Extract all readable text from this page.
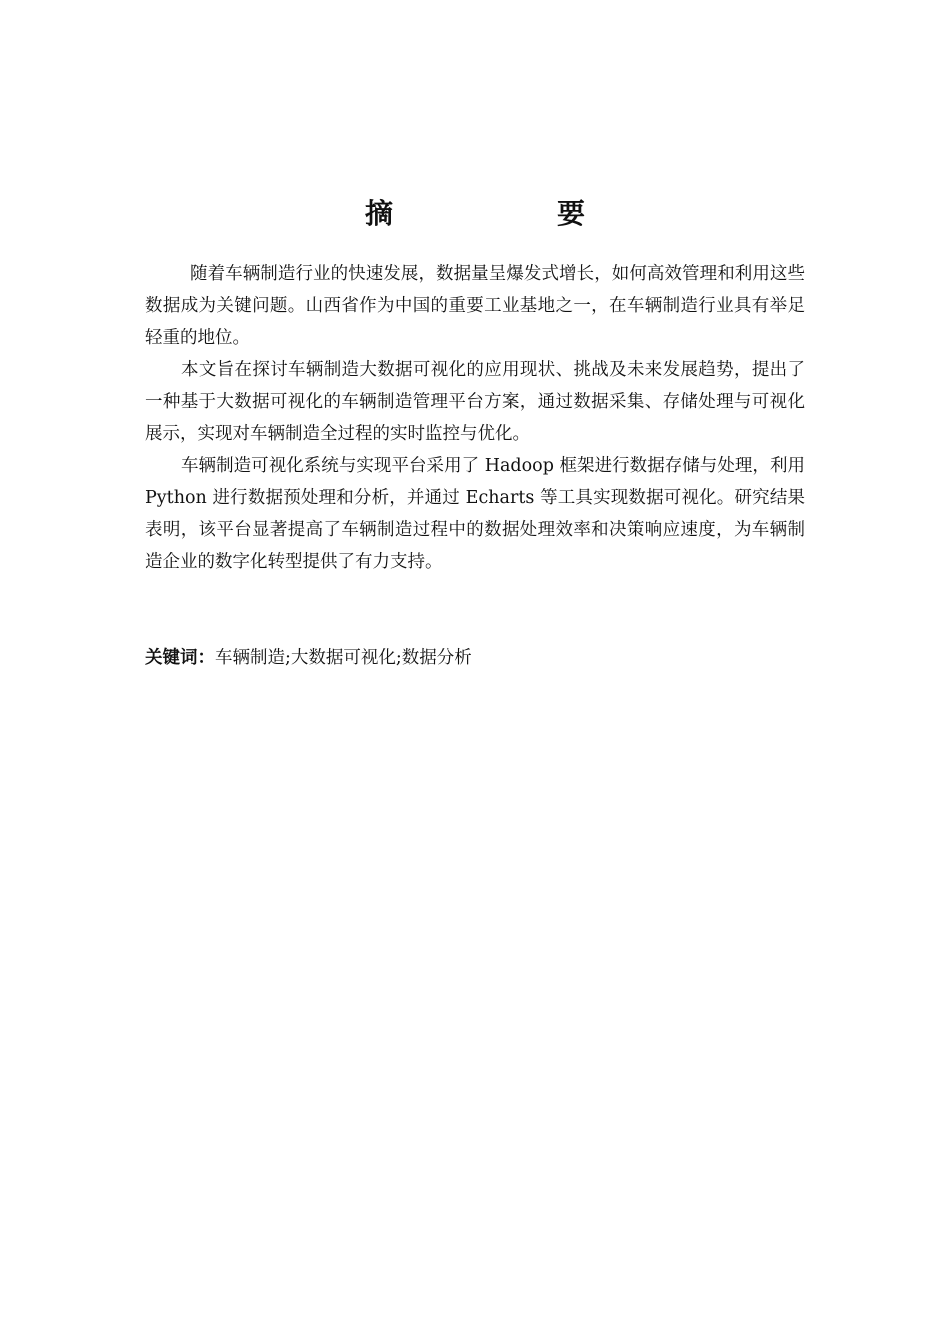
摘　　要

随着车辆制造行业的快速发展，数据量呈爆发式增长，如何高效管理和利用这些数据成为关键问题。山西省作为中国的重要工业基地之一，在车辆制造行业具有举足轻重的地位。

本文旨在探讨车辆制造大数据可视化的应用现状、挑战及未来发展趋势，提出了一种基于大数据可视化的车辆制造管理平台方案，通过数据采集、存储处理与可视化展示，实现对车辆制造全过程的实时监控与优化。

车辆制造可视化系统与实现平台采用了 Hadoop 框架进行数据存储与处理，利用 Python 进行数据预处理和分析，并通过 Echarts 等工具实现数据可视化。研究结果表明，该平台显著提高了车辆制造过程中的数据处理效率和决策响应速度，为车辆制造企业的数字化转型提供了有力支持。

关键词：车辆制造;大数据可视化;数据分析
